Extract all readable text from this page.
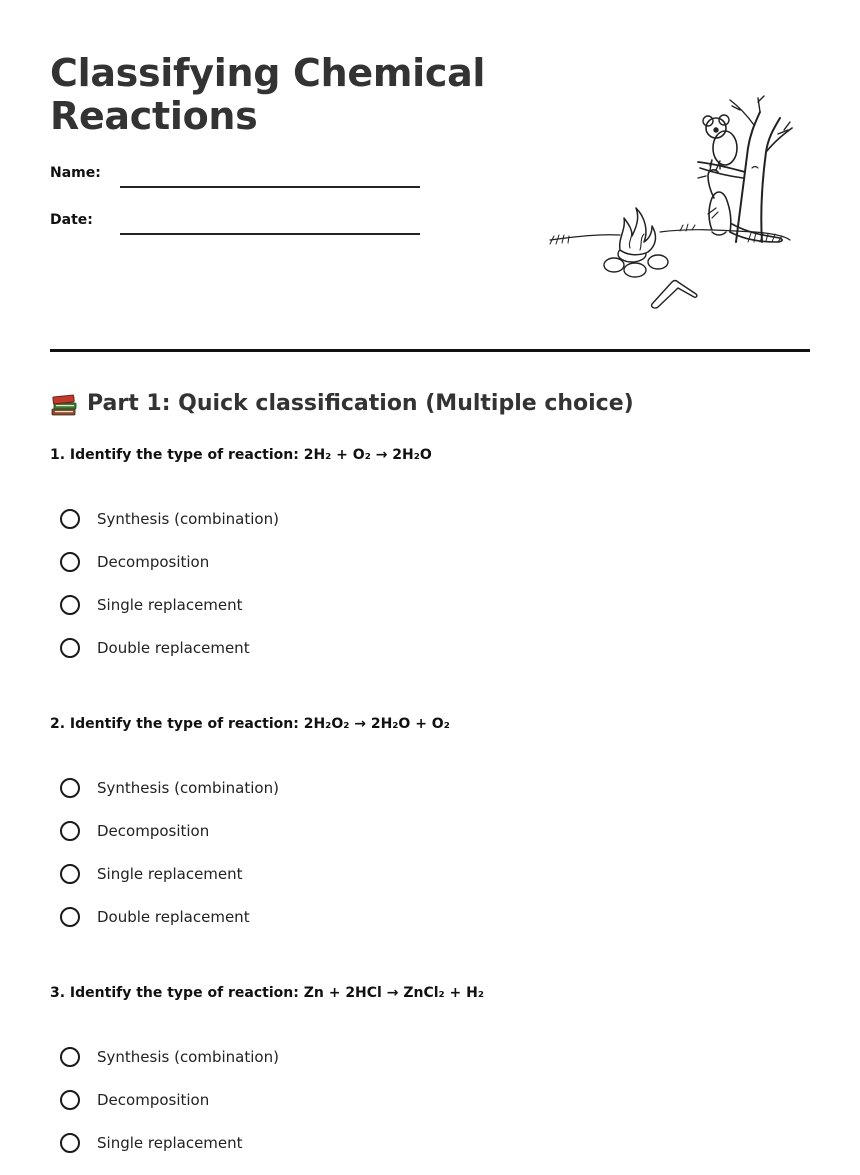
Classifying Chemical Reactions
Name:
Date:
Part 1: Quick classification (Multiple choice)

1. Identify the type of reaction: 2H₂ + O₂ → 2H₂O

Synthesis (combination)
Decomposition
Single replacement
Double replacement

2. Identify the type of reaction: 2H₂O₂ → 2H₂O + O₂

Synthesis (combination)
Decomposition
Single replacement
Double replacement

3. Identify the type of reaction: Zn + 2HCl → ZnCl₂ + H₂

Synthesis (combination)
Decomposition
Single replacement
